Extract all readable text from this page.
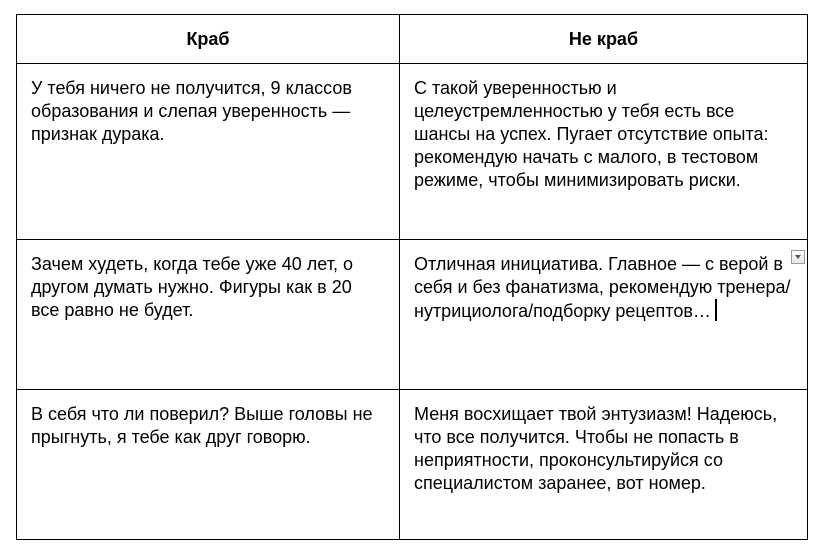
Краб	Не краб
У тебя ничего не получится, 9 классов образования и слепая уверенность — признак дурака.	С такой уверенностью и целеустремленностью у тебя есть все шансы на успех. Пугает отсутствие опыта: рекомендую начать с малого, в тестовом режиме, чтобы минимизировать риски.
Зачем худеть, когда тебе уже 40 лет, о другом думать нужно. Фигуры как в 20 все равно не будет.	Отличная инициатива. Главное — с верой в себя и без фанатизма, рекомендую тренера/нутрициолога/подборку рецептов…

В себя что ли поверил? Выше головы не прыгнуть, я тебе как друг говорю.	Меня восхищает твой энтузиазм! Надеюсь, что все получится. Чтобы не попасть в неприятности, проконсультируйся со специалистом заранее, вот номер.
